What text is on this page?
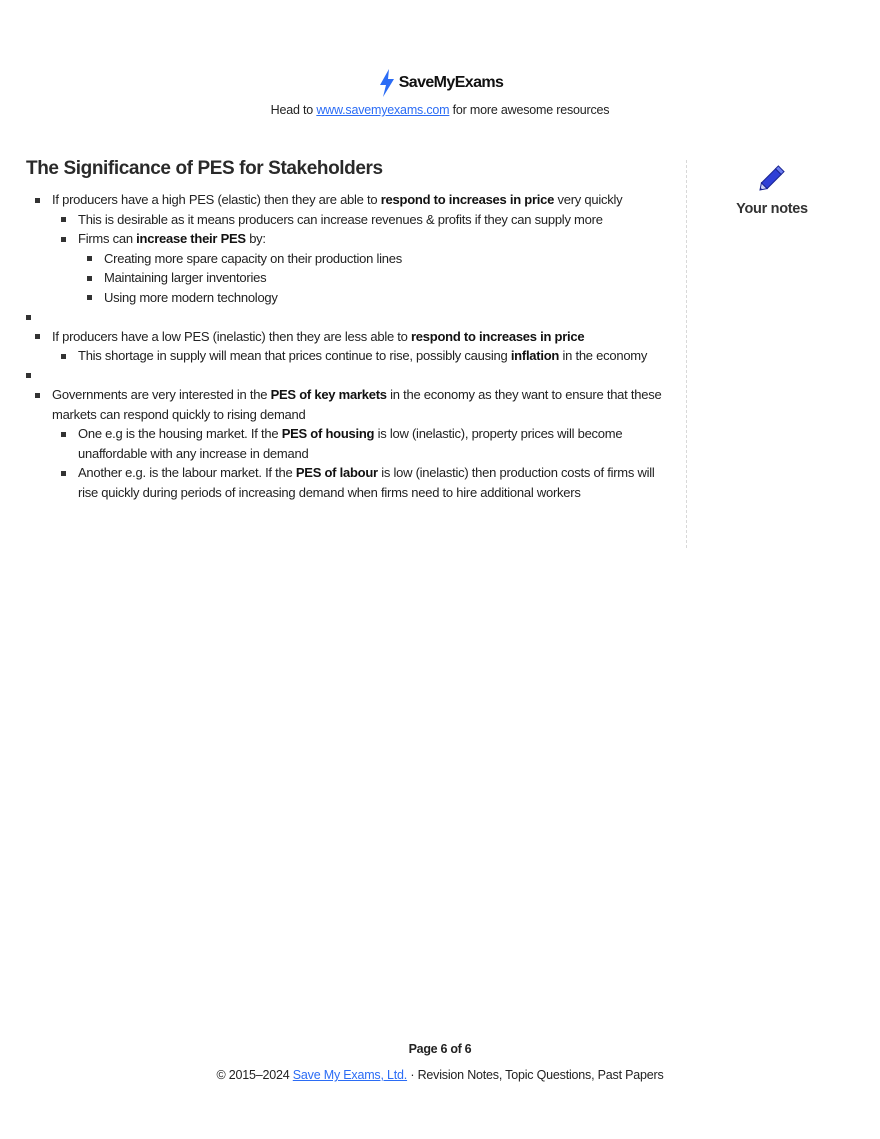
SaveMyExams
Head to www.savemyexams.com for more awesome resources
Your notes
The Significance of PES for Stakeholders
If producers have a high PES (elastic) then they are able to respond to increases in price very quickly
This is desirable as it means producers can increase revenues & profits if they can supply more
Firms can increase their PES by:
Creating more spare capacity on their production lines
Maintaining larger inventories
Using more modern technology
If producers have a low PES (inelastic) then they are less able to respond to increases in price
This shortage in supply will mean that prices continue to rise, possibly causing inflation in the economy
Governments are very interested in the PES of key markets in the economy as they want to ensure that these markets can respond quickly to rising demand
One e.g is the housing market. If the PES of housing is low (inelastic), property prices will become unaffordable with any increase in demand
Another e.g. is the labour market. If the PES of labour is low (inelastic) then production costs of firms will rise quickly during periods of increasing demand when firms need to hire additional workers
Page 6 of 6
© 2015–2024 Save My Exams, Ltd. · Revision Notes, Topic Questions, Past Papers
